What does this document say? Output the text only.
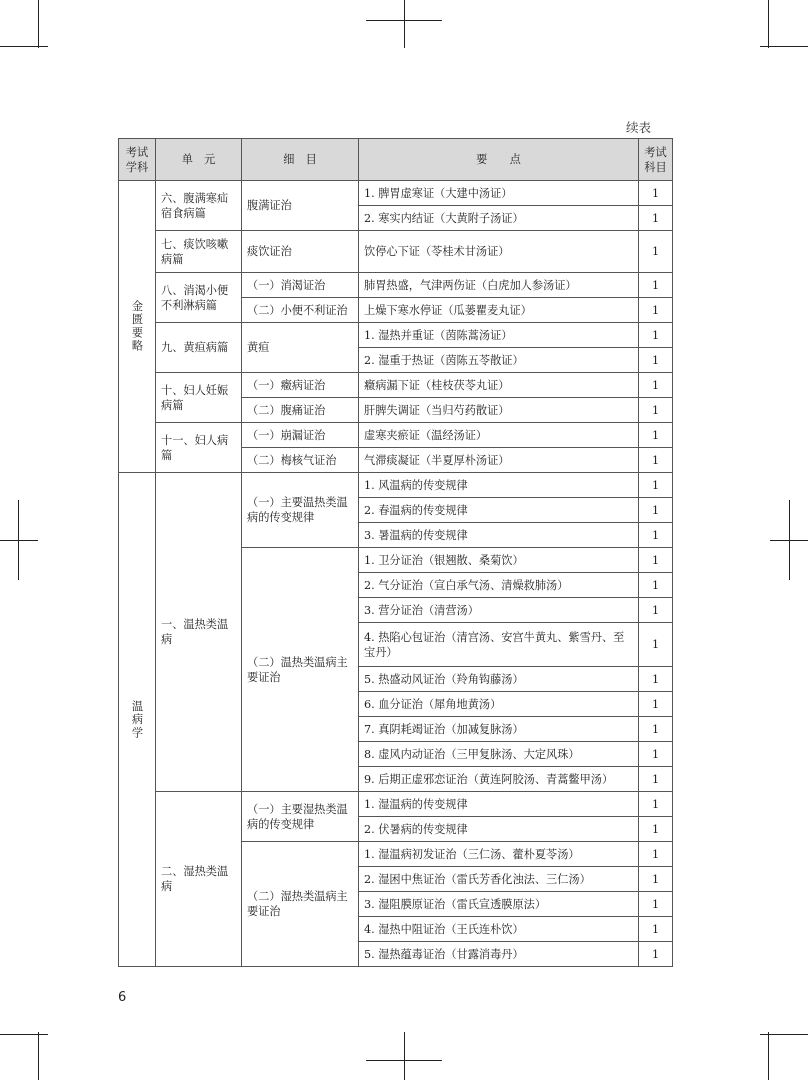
续表
考试学科	单　元	细　目	要　　点	考试科目
金匮要略	六、腹满寒疝宿食病篇	腹满证治	1. 脾胃虚寒证（大建中汤证）	1
			2. 寒实内结证（大黄附子汤证）	1
	七、痰饮咳嗽病篇	痰饮证治	饮停心下证（苓桂术甘汤证）	1
	八、消渴小便不利淋病篇	（一）消渴证治	肺胃热盛，气津两伤证（白虎加人参汤证）	1
		（二）小便不利证治	上燥下寒水停证（瓜蒌瞿麦丸证）	1
	九、黄疸病篇	黄疸	1. 湿热并重证（茵陈蒿汤证）	1
			2. 湿重于热证（茵陈五苓散证）	1
	十、妇人妊娠病篇	（一）癥病证治	癥病漏下证（桂枝茯苓丸证）	1
		（二）腹痛证治	肝脾失调证（当归芍药散证）	1
	十一、妇人病篇	（一）崩漏证治	虚寒夹瘀证（温经汤证）	1
		（二）梅核气证治	气滞痰凝证（半夏厚朴汤证）	1
温病学	一、温热类温病	（一）主要温热类温病的传变规律	1. 风温病的传变规律	1
			2. 春温病的传变规律	1
			3. 暑温病的传变规律	1
		（二）温热类温病主要证治	1. 卫分证治（银翘散、桑菊饮）	1
			2. 气分证治（宣白承气汤、清燥救肺汤）	1
			3. 营分证治（清营汤）	1
			4. 热陷心包证治（清宫汤、安宫牛黄丸、紫雪丹、至宝丹）	1
			5. 热盛动风证治（羚角钩藤汤）	1
			6. 血分证治（犀角地黄汤）	1
			7. 真阴耗竭证治（加减复脉汤）	1
			8. 虚风内动证治（三甲复脉汤、大定风珠）	1
			9. 后期正虚邪恋证治（黄连阿胶汤、青蒿鳖甲汤）	1
	二、湿热类温病	（一）主要湿热类温病的传变规律	1. 湿温病的传变规律	1
			2. 伏暑病的传变规律	1
		（二）湿热类温病主要证治	1. 湿温病初发证治（三仁汤、藿朴夏苓汤）	1
			2. 湿困中焦证治（雷氏芳香化浊法、三仁汤）	1
			3. 湿阻膜原证治（雷氏宣透膜原法）	1
			4. 湿热中阻证治（王氏连朴饮）	1
			5. 湿热蕴毒证治（甘露消毒丹）	1
6
